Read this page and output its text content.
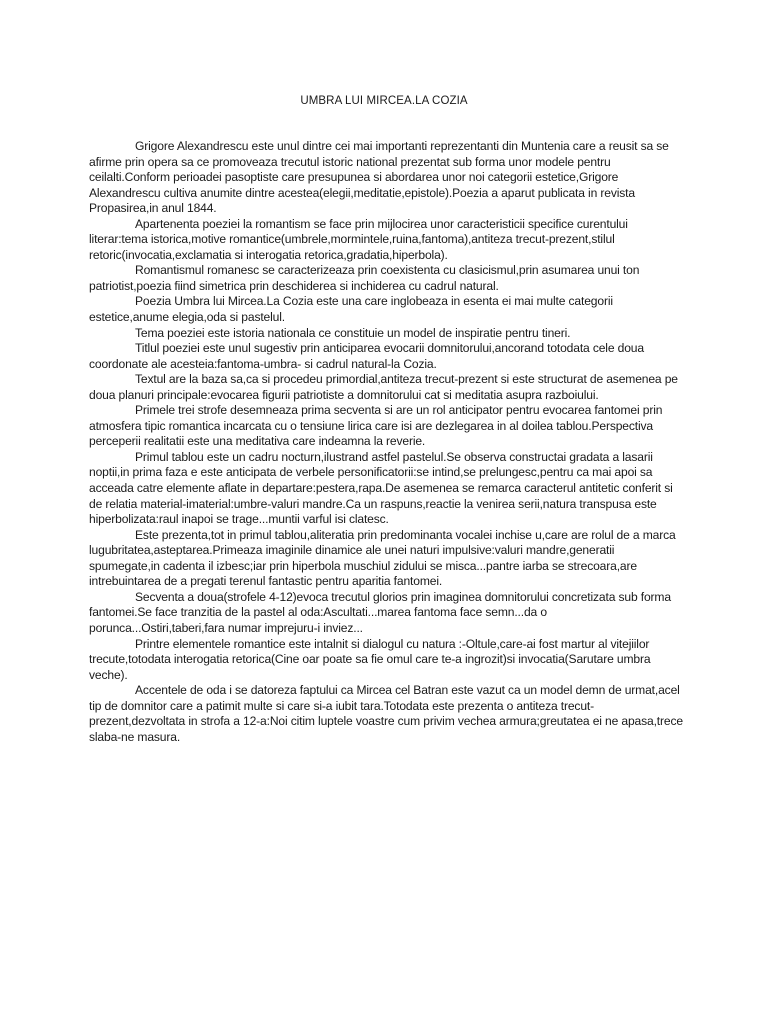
UMBRA LUI MIRCEA.LA COZIA

Grigore Alexandrescu este unul dintre cei mai importanti reprezentanti din Muntenia care a reusit sa se afirme prin opera sa ce promoveaza trecutul istoric national prezentat sub forma unor modele pentru ceilalti.Conform perioadei pasoptiste care presupunea si abordarea unor noi categorii estetice,Grigore Alexandrescu cultiva anumite dintre acestea(elegii,meditatie,epistole).Poezia a aparut publicata in revista Propasirea,in anul 1844.

Apartenenta poeziei la romantism se face prin mijlocirea unor caracteristicii specifice curentului literar:tema istorica,motive romantice(umbrele,mormintele,ruina,fantoma),antiteza trecut-prezent,stilul retoric(invocatia,exclamatia si interogatia retorica,gradatia,hiperbola).

Romantismul romanesc se caracterizeaza prin coexistenta cu clasicismul,prin asumarea unui ton patriotist,poezia fiind simetrica prin deschiderea si inchiderea cu cadrul natural.

Poezia Umbra lui Mircea.La Cozia este una care inglobeaza in esenta ei mai multe categorii estetice,anume elegia,oda si pastelul.

Tema poeziei este istoria nationala ce constituie un model de inspiratie pentru tineri.

Titlul poeziei este unul sugestiv prin anticiparea evocarii domnitorului,ancorand totodata cele doua coordonate ale acesteia:fantoma-umbra- si cadrul natural-la Cozia.

Textul are la baza sa,ca si procedeu primordial,antiteza trecut-prezent si este structurat de asemenea pe doua planuri principale:evocarea figurii patriotiste a domnitorului cat si meditatia asupra razboiului.

Primele trei strofe desemneaza prima secventa si are un rol anticipator pentru evocarea fantomei prin atmosfera tipic romantica incarcata cu o tensiune lirica care isi are dezlegarea in al doilea tablou.Perspectiva perceperii realitatii este una meditativa care indeamna la reverie.

Primul tablou este un cadru nocturn,ilustrand astfel pastelul.Se observa constructai gradata a lasarii noptii,in prima faza e este anticipata de verbele personificatorii:se intind,se prelungesc,pentru ca mai apoi sa acceada catre elemente aflate in departare:pestera,rapa.De asemenea se remarca caracterul antitetic conferit si de relatia material-imaterial:umbre-valuri mandre.Ca un raspuns,reactie la venirea serii,natura transpusa este hiperbolizata:raul inapoi se trage...muntii varful isi clatesc.

Este prezenta,tot in primul tablou,aliteratia prin predominanta vocalei inchise u,care are rolul de a marca lugubritatea,asteptarea.Primeaza imaginile dinamice ale unei naturi impulsive:valuri mandre,generatii spumegate,in cadenta il izbesc;iar prin hiperbola muschiul zidului se misca...pantre iarba se strecoara,are intrebuintarea de a pregati terenul fantastic pentru aparitia fantomei.

Secventa a doua(strofele 4-12)evoca trecutul glorios prin imaginea domnitorului concretizata sub forma fantomei.Se face tranzitia de la pastel al oda:Ascultati...marea fantoma face semn...da o porunca...Ostiri,taberi,fara numar imprejuru-i inviez...

Printre elementele romantice este intalnit si dialogul cu natura :-Oltule,care-ai fost martur al vitejiilor trecute,totodata interogatia retorica(Cine oar poate sa fie omul care te-a ingrozit)si invocatia(Sarutare umbra veche).

Accentele de oda i se datoreza faptului ca Mircea cel Batran este vazut ca un model demn de urmat,acel tip de domnitor care a patimit multe si care si-a iubit tara.Totodata este prezenta o antiteza trecut-prezent,dezvoltata in strofa a 12-a:Noi citim luptele voastre cum privim vechea armura;greutatea ei ne apasa,trece slaba-ne masura.
